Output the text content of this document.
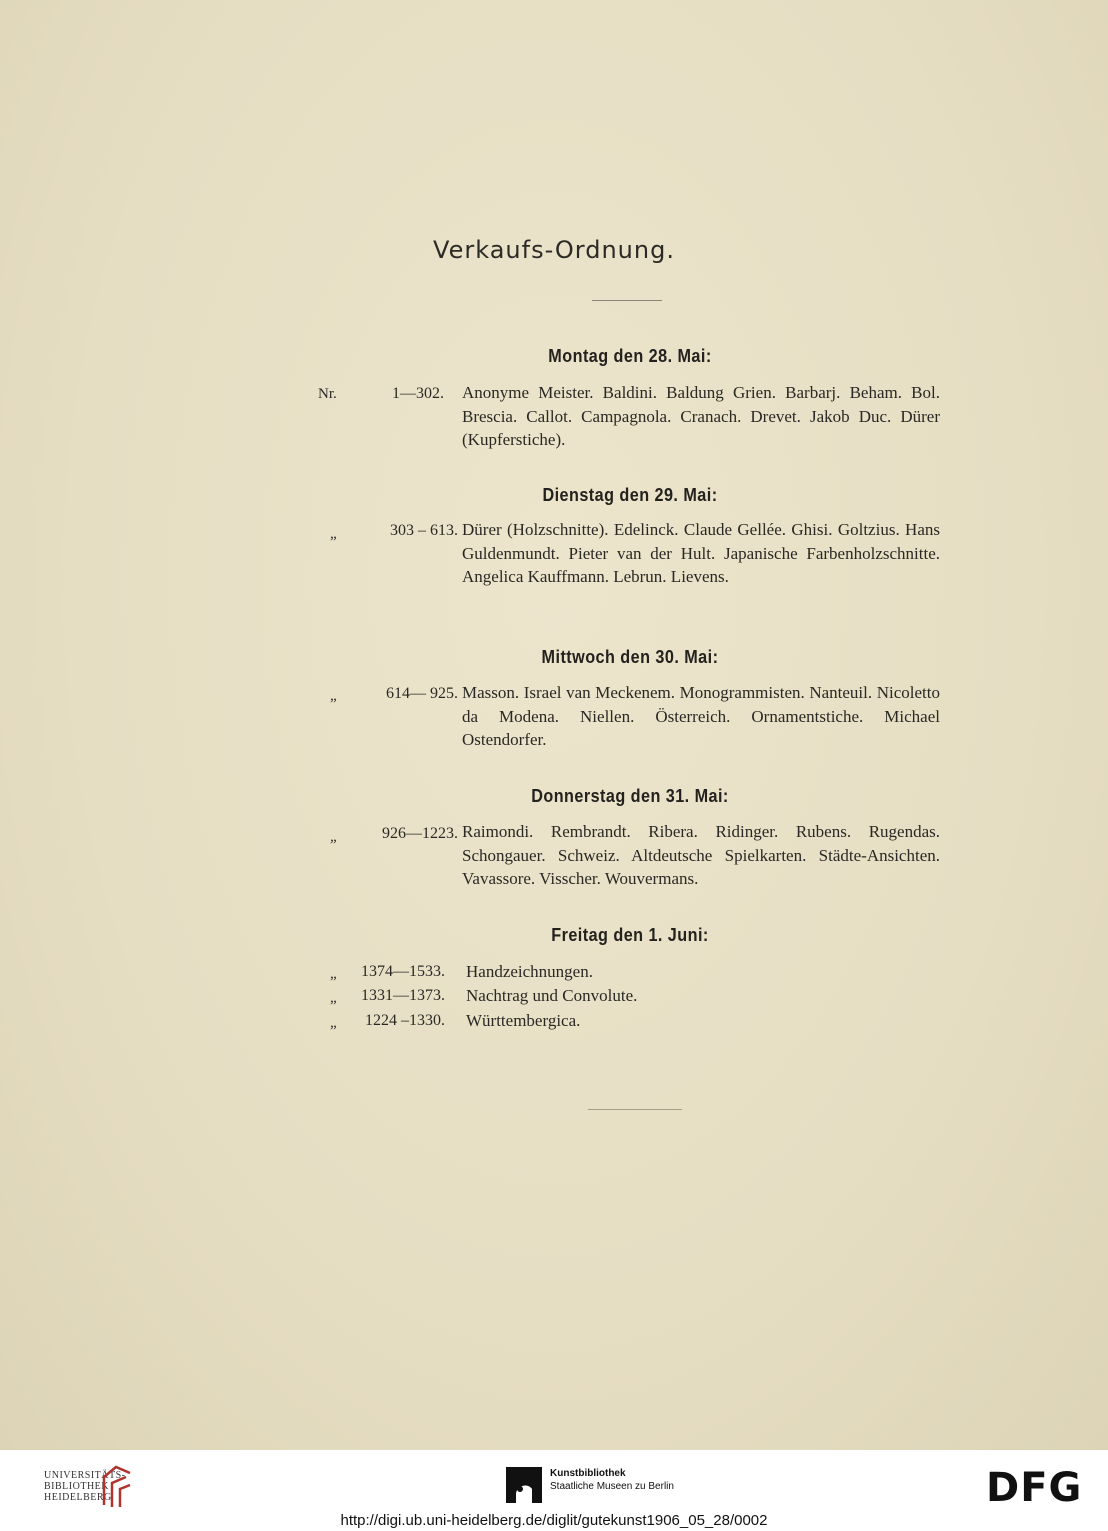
Verkaufs-Ordnung.
Montag den 28. Mai:
Nr.	1—302. Anonyme Meister. Baldini. Baldung Grien. Barbarj. Beham. Bol. Brescia. Callot. Campagnola. Cranach. Drevet. Jakob Duc. Dürer (Kupferstiche).
Dienstag den 29. Mai:
„	303 – 613. Dürer (Holzschnitte). Edelinck. Claude Gellée. Ghisi. Goltzius. Hans Guldenmundt. Pieter van der Hult. Japanische Farbenholzschnitte. Angelica Kauffmann. Lebrun. Lievens.
Mittwoch den 30. Mai:
„	614— 925. Masson. Israel van Meckenem. Monogrammisten. Nanteuil. Nicoletto da Modena. Niellen. Österreich. Ornamentstiche. Michael Ostendorfer.
Donnerstag den 31. Mai:
„	926—1223. Raimondi. Rembrandt. Ribera. Ridinger. Rubens. Rugendas. Schongauer. Schweiz. Altdeutsche Spielkarten. Städte-Ansichten. Vavassore. Visscher. Wouvermans.
Freitag den 1. Juni:
„	1374—1533. Handzeichnungen.
„	1331—1373. Nachtrag und Convolute.
„	1224 –1330. Württembergica.
UNIVERSITÄTS-
BIBLIOTHEK
HEIDELBERG
Kunstbibliothek
Staatliche Museen zu Berlin	DFG
http://digi.ub.uni-heidelberg.de/diglit/gutekunst1906_05_28/0002
